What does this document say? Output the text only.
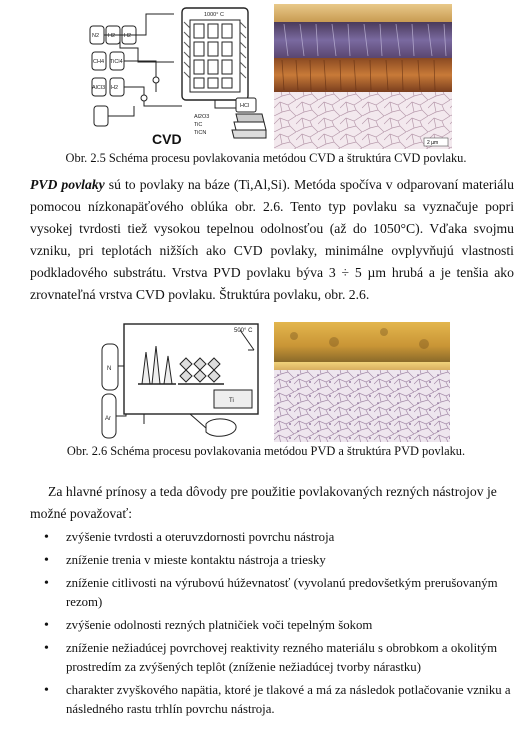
1000° C
HCl
Al2O3
TiC
TiCN
N2 H2 H2
CH4 TiCl4
AlCl3 H2
CVD	2 µm
Obr. 2.5 Schéma procesu povlakovania metódou CVD a štruktúra CVD povlaku.

PVD povlaky sú to povlaky na báze (Ti,Al,Si). Metóda spočíva v odparovaní materiálu pomocou nízkonapäťového oblúka obr. 2.6. Tento typ povlaku sa vyznačuje popri vysokej tvrdosti tiež vysokou tepelnou odolnosťou (až do 1050°C). Vďaka svojmu vzniku, pri teplotách nižších ako CVD povlaky, minimálne ovplyvňujú vlastnosti podkladového substrátu. Vrstva PVD povlaku býva 3 ÷ 5 µm hrubá a je tenšia ako zrovnateľná vrstva CVD povlaku. Štruktúra povlaku, obr. 2.6.

500° C
Ti
N
Ar
Obr. 2.6 Schéma procesu povlakovania metódou PVD a štruktúra PVD povlaku.

Za hlavné prínosy a teda dôvody pre použitie povlakovaných rezných nástrojov je možné považovať:

• zvýšenie tvrdosti a oteruvzdornosti povrchu nástroja
• zníženie trenia v mieste kontaktu nástroja a triesky
• zníženie citlivosti na výrubovú húževnatosť (vyvolanú predovšetkým prerušovaným rezom)
• zvýšenie odolnosti rezných platničiek voči tepelným šokom
• zníženie nežiadúcej povrchovej reaktivity rezného materiálu s obrobkom a okolitým prostredím za zvýšených teplôt (zníženie nežiadúcej tvorby nárastku)
• charakter zvyškového napätia, ktoré je tlakové a má za následok potlačovanie vzniku a následného rastu trhlín povrchu nástroja.
